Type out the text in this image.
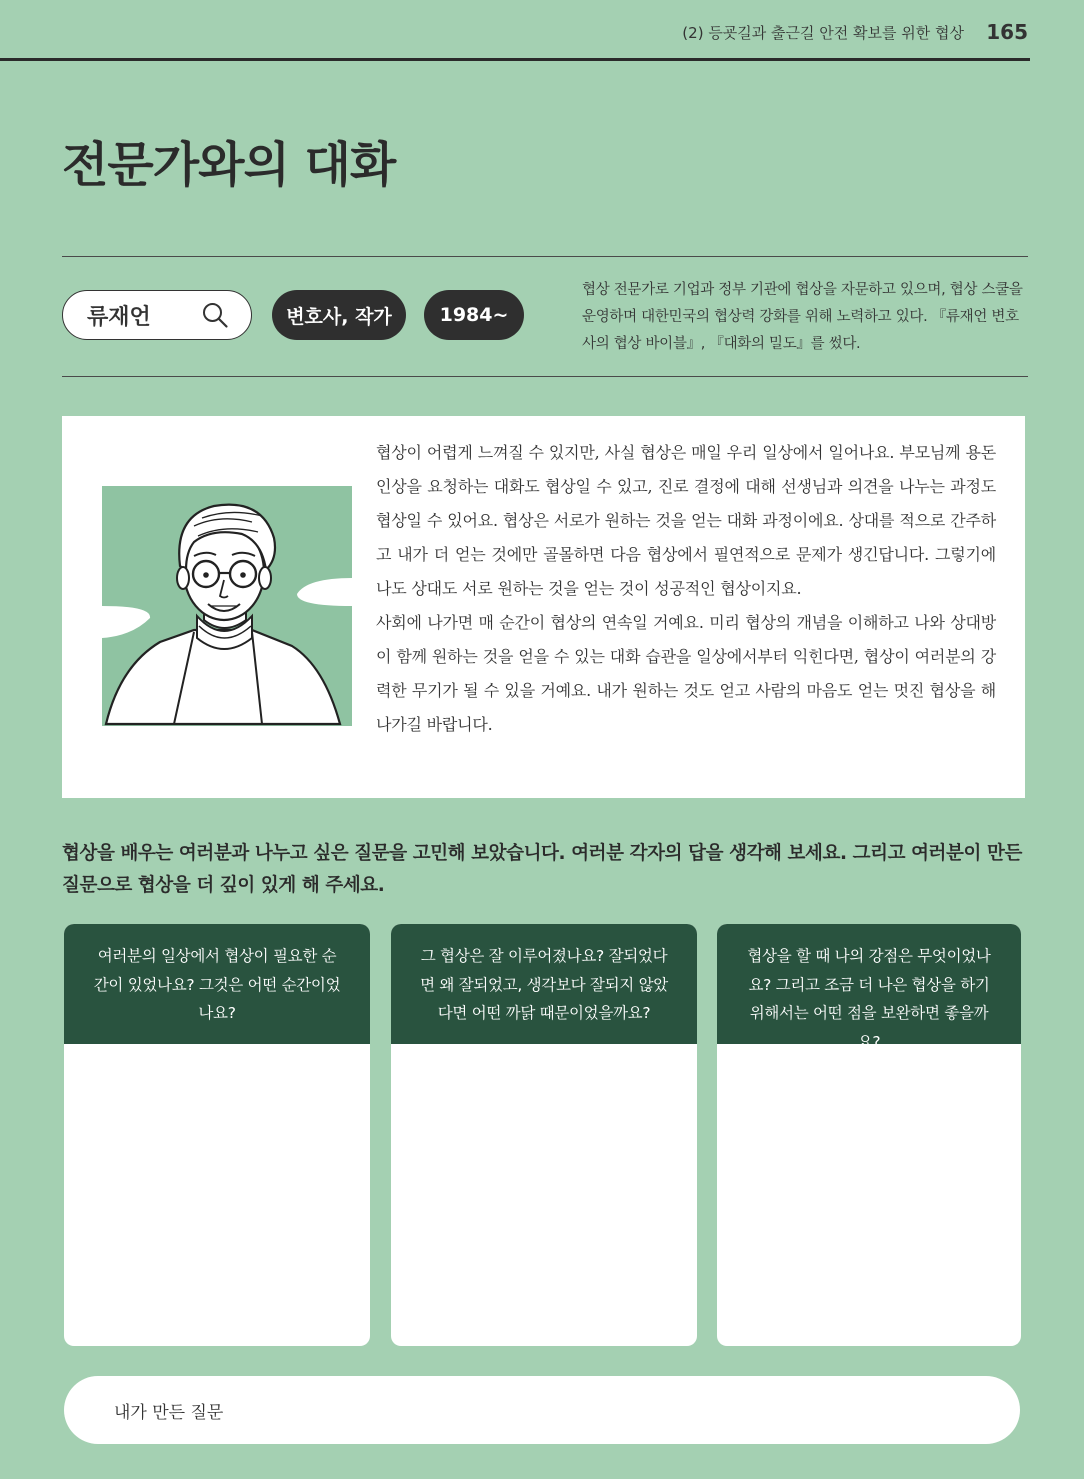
(2) 등굣길과 출근길 안전 확보를 위한 협상 165
전문가와의 대화
류재언	변호사, 작가	1984~
협상 전문가로 기업과 정부 기관에 협상을 자문하고 있으며, 협상 스쿨을 운영하며 대한민국의 협상력 강화를 위해 노력하고 있다. 『류재언 변호사의 협상 바이블』, 『대화의 밀도』를 썼다.

협상이 어렵게 느껴질 수 있지만, 사실 협상은 매일 우리 일상에서 일어나요. 부모님께 용돈 인상을 요청하는 대화도 협상일 수 있고, 진로 결정에 대해 선생님과 의견을 나누는 과정도 협상일 수 있어요. 협상은 서로가 원하는 것을 얻는 대화 과정이에요. 상대를 적으로 간주하고 내가 더 얻는 것에만 골몰하면 다음 협상에서 필연적으로 문제가 생긴답니다. 그렇기에 나도 상대도 서로 원하는 것을 얻는 것이 성공적인 협상이지요.

사회에 나가면 매 순간이 협상의 연속일 거예요. 미리 협상의 개념을 이해하고 나와 상대방이 함께 원하는 것을 얻을 수 있는 대화 습관을 일상에서부터 익힌다면, 협상이 여러분의 강력한 무기가 될 수 있을 거예요. 내가 원하는 것도 얻고 사람의 마음도 얻는 멋진 협상을 해 나가길 바랍니다.

협상을 배우는 여러분과 나누고 싶은 질문을 고민해 보았습니다. 여러분 각자의 답을 생각해 보세요. 그리고 여러분이 만든 질문으로 협상을 더 깊이 있게 해 주세요.

여러분의 일상에서 협상이 필요한 순간이 있었나요? 그것은 어떤 순간이었나요?
그 협상은 잘 이루어졌나요? 잘되었다면 왜 잘되었고, 생각보다 잘되지 않았다면 어떤 까닭 때문이었을까요?
협상을 할 때 나의 강점은 무엇이었나요? 그리고 조금 더 나은 협상을 하기 위해서는 어떤 점을 보완하면 좋을까요?
내가 만든 질문
